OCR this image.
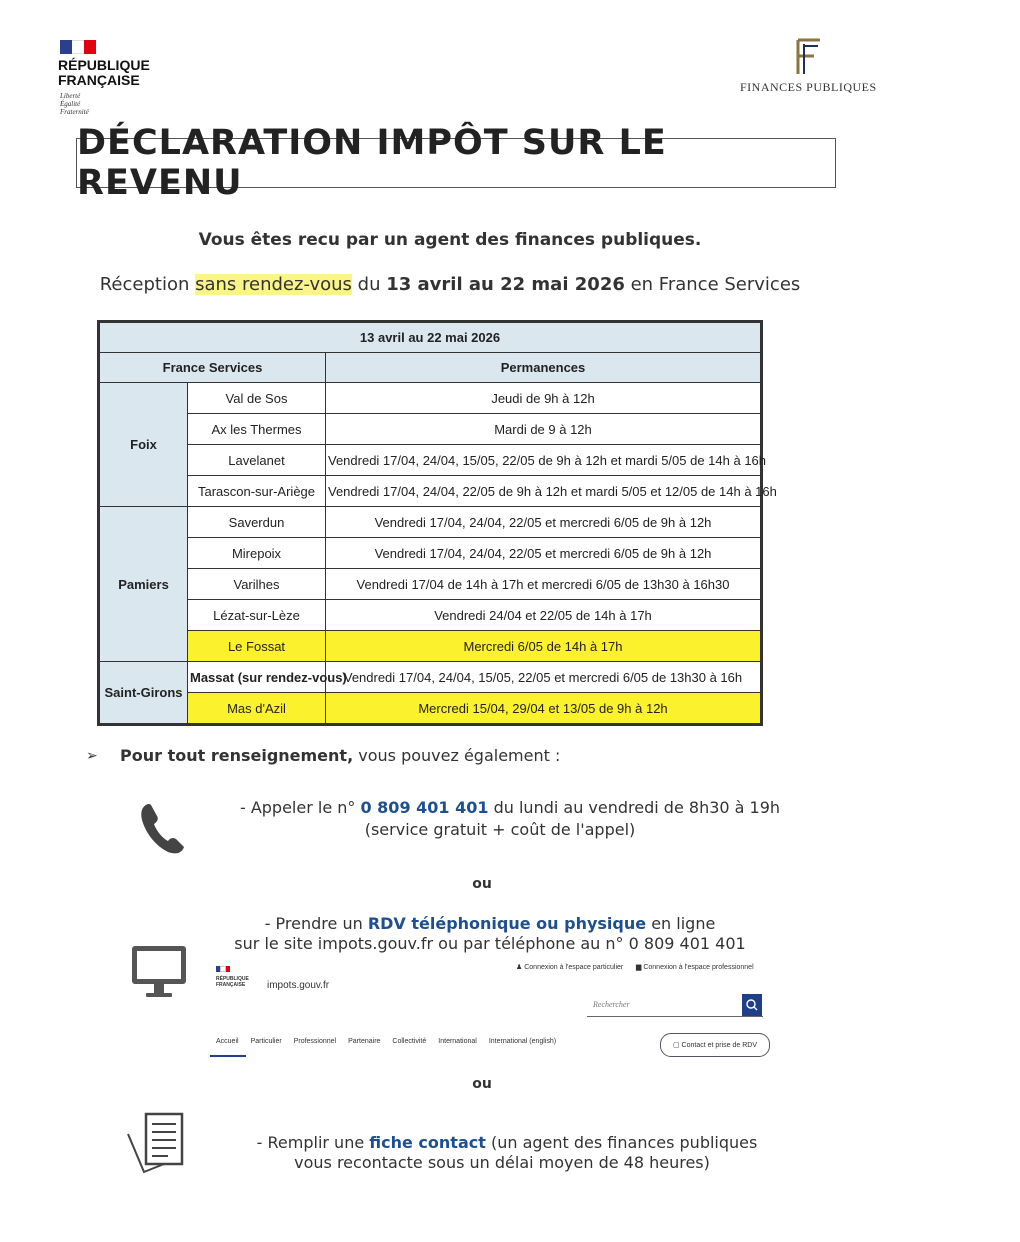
RÉPUBLIQUE
FRANÇAISE
Liberté
Égalité
Fraternité
FINANCES PUBLIQUES
DÉCLARATION IMPÔT SUR LE REVENU
Vous êtes recu par un agent des finances publiques.
Réception sans rendez-vous du 13 avril au 22 mai 2026 en France Services
13 avril au 22 mai 2026		
France Services		Permanences
Foix	Val de Sos	Jeudi de 9h à 12h
	Ax les Thermes	Mardi de 9 à 12h
	Lavelanet	Vendredi 17/04, 24/04, 15/05, 22/05 de 9h à 12h et mardi 5/05 de 14h à 16h
	Tarascon-sur-Ariège	Vendredi 17/04, 24/04, 22/05 de 9h à 12h et mardi 5/05 et 12/05 de 14h à 16h
Pamiers	Saverdun	Vendredi 17/04, 24/04, 22/05 et mercredi 6/05 de 9h à 12h
	Mirepoix	Vendredi 17/04, 24/04, 22/05 et mercredi 6/05 de 9h à 12h
	Varilhes	Vendredi 17/04 de 14h à 17h et mercredi 6/05 de 13h30 à 16h30
	Lézat-sur-Lèze	Vendredi 24/04 et 22/05 de 14h à 17h
	Le Fossat	Mercredi 6/05 de 14h à 17h
Saint-Girons	Massat (sur rendez-vous)	Vendredi 17/04, 24/04, 15/05, 22/05 et mercredi 6/05 de 13h30 à 16h
	Mas d'Azil	Mercredi 15/04, 29/04 et 13/05 de 9h à 12h
➢ Pour tout renseignement, vous pouvez également :
- Appeler le n° 0 809 401 401 du lundi au vendredi de 8h30 à 19h
(service gratuit + coût de l'appel)
ou
- Prendre un RDV téléphonique ou physique en ligne
sur le site impots.gouv.fr ou par téléphone au n° 0 809 401 401
RÉPUBLIQUE
FRANÇAISE	impots.gouv.fr
♟ Connexion à l'espace particulier ▆ Connexion à l'espace professionnel
Rechercher
Accueil Particulier Professionnel Partenaire Collectivité International International (english)
▢ Contact et prise de RDV
ou
- Remplir une fiche contact (un agent des finances publiques
vous recontacte sous un délai moyen de 48 heures)
